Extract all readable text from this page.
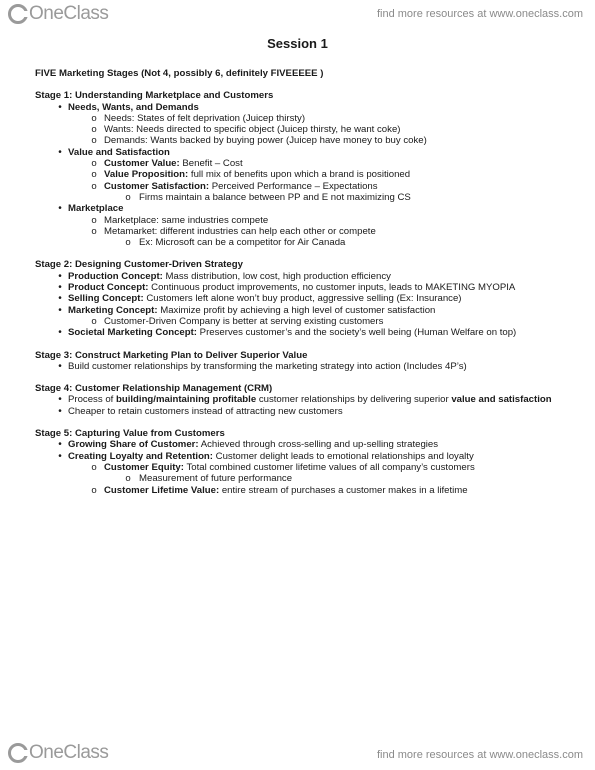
OneClass	find more resources at www.oneclass.com
Session 1
FIVE Marketing Stages (Not 4, possibly 6, definitely FIVEEEEE )
Stage 1: Understanding Marketplace and Customers
• Needs, Wants, and Demands
o Needs: States of felt deprivation (Juicep thirsty)
o Wants: Needs directed to specific object (Juicep thirsty, he want coke)
o Demands: Wants backed by buying power (Juicep have money to buy coke)
• Value and Satisfaction
o Customer Value: Benefit – Cost
o Value Proposition: full mix of benefits upon which a brand is positioned
o Customer Satisfaction: Perceived Performance – Expectations
o Firms maintain a balance between PP and E not maximizing CS
• Marketplace
o Marketplace: same industries compete
o Metamarket: different industries can help each other or compete
o Ex: Microsoft can be a competitor for Air Canada
Stage 2: Designing Customer-Driven Strategy
• Production Concept: Mass distribution, low cost, high production efficiency
• Product Concept: Continuous product improvements, no customer inputs, leads to MAKETING MYOPIA
• Selling Concept: Customers left alone won’t buy product, aggressive selling (Ex: Insurance)
• Marketing Concept: Maximize profit by achieving a high level of customer satisfaction
o Customer-Driven Company is better at serving existing customers
• Societal Marketing Concept: Preserves customer’s and the society’s well being (Human Welfare on top)
Stage 3: Construct Marketing Plan to Deliver Superior Value
• Build customer relationships by transforming the marketing strategy into action (Includes 4P’s)
Stage 4: Customer Relationship Management (CRM)
• Process of building/maintaining profitable customer relationships by delivering superior value and satisfaction
• Cheaper to retain customers instead of attracting new customers
Stage 5: Capturing Value from Customers
• Growing Share of Customer: Achieved through cross-selling and up-selling strategies
• Creating Loyalty and Retention: Customer delight leads to emotional relationships and loyalty
o Customer Equity: Total combined customer lifetime values of all company’s customers
o Measurement of future performance
o Customer Lifetime Value: entire stream of purchases a customer makes in a lifetime
OneClass	find more resources at www.oneclass.com
